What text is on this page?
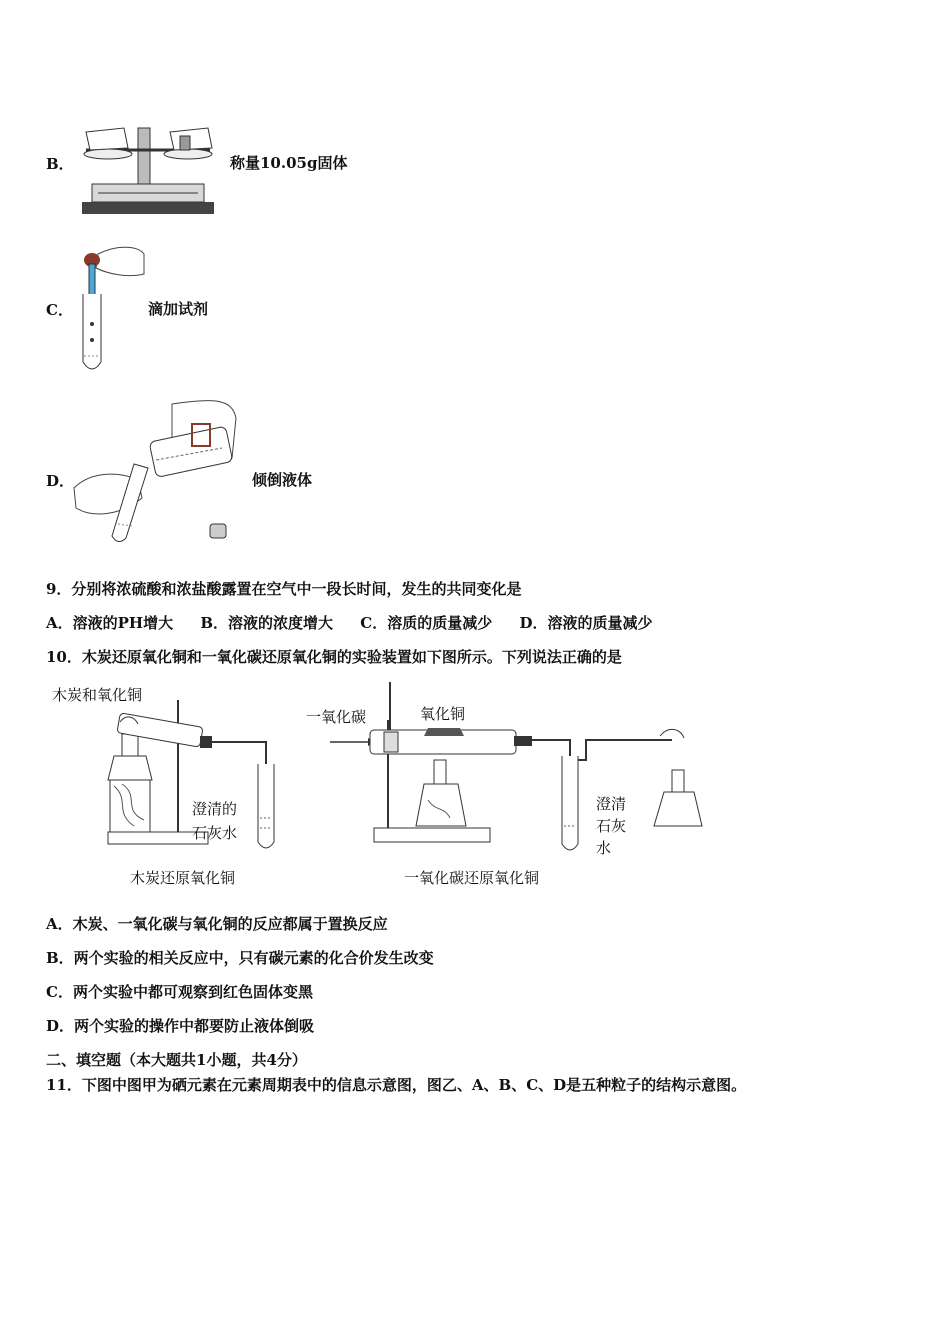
B．	称量10.05g固体
C．	滴加试剂
D．	倾倒液体
9．分别将浓硫酸和浓盐酸露置在空气中一段长时间，发生的共同变化是
A．溶液的PH增大 B．溶液的浓度增大 C．溶质的质量减少 D．溶液的质量减少
10．木炭还原氧化铜和一氧化碳还原氧化铜的实验装置如下图所示。下列说法正确的是
木炭和氧化铜
澄清的
石灰水
木炭还原氧化铜
一氧化碳	氧化铜
澄清
石灰
水
一氧化碳还原氧化铜
A．木炭、一氧化碳与氧化铜的反应都属于置换反应
B．两个实验的相关反应中，只有碳元素的化合价发生改变
C．两个实验中都可观察到红色固体变黑
D．两个实验的操作中都要防止液体倒吸
二、填空题（本大题共1小题，共4分）
11．下图中图甲为硒元素在元素周期表中的信息示意图，图乙、A、B、C、D是五种粒子的结构示意图。
